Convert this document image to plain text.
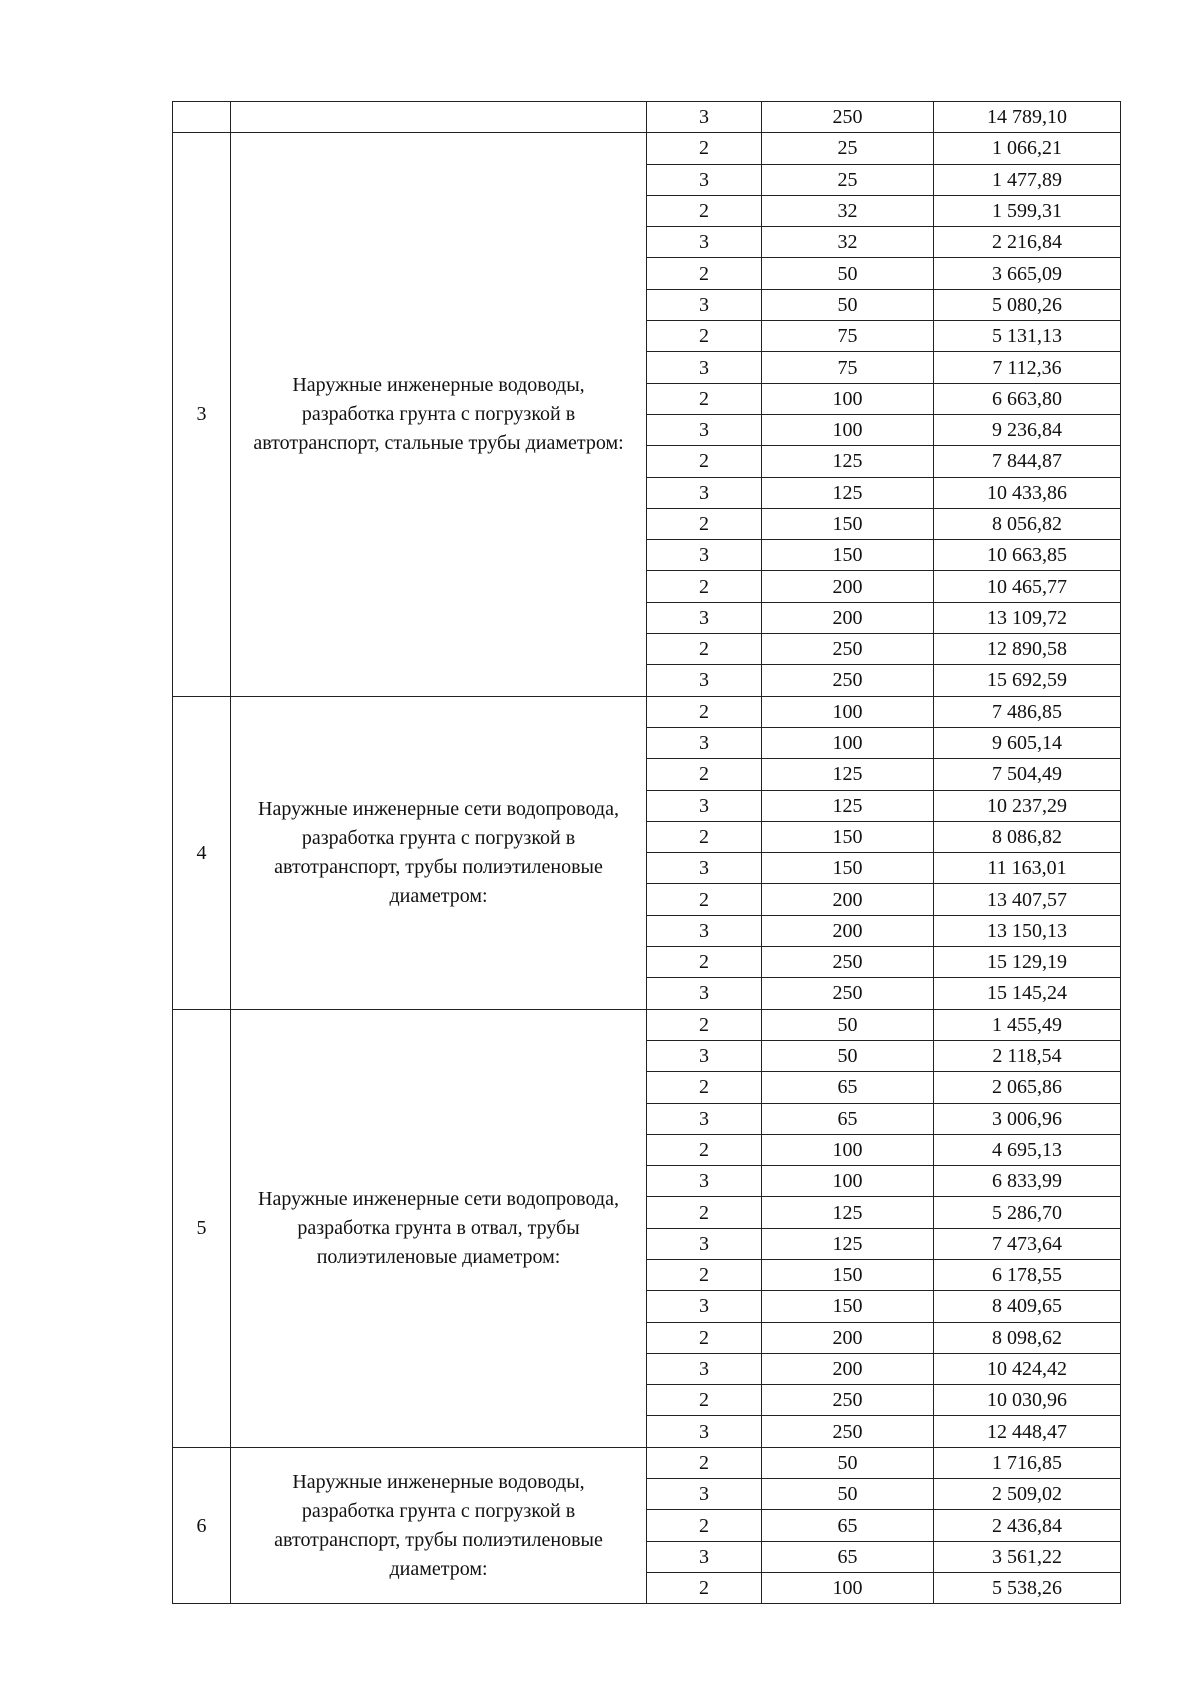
		3	250	14 789,10
3	Наружные инженерные водоводы, разработка грунта с погрузкой в автотранспорт, стальные трубы диаметром:	2	25	1 066,21
		3	25	1 477,89
		2	32	1 599,31
		3	32	2 216,84
		2	50	3 665,09
		3	50	5 080,26
		2	75	5 131,13
		3	75	7 112,36
		2	100	6 663,80
		3	100	9 236,84
		2	125	7 844,87
		3	125	10 433,86
		2	150	8 056,82
		3	150	10 663,85
		2	200	10 465,77
		3	200	13 109,72
		2	250	12 890,58
		3	250	15 692,59
4	Наружные инженерные сети водопровода, разработка грунта с погрузкой в автотранспорт, трубы полиэтиленовые диаметром:	2	100	7 486,85
		3	100	9 605,14
		2	125	7 504,49
		3	125	10 237,29
		2	150	8 086,82
		3	150	11 163,01
		2	200	13 407,57
		3	200	13 150,13
		2	250	15 129,19
		3	250	15 145,24
5	Наружные инженерные сети водопровода, разработка грунта в отвал, трубы полиэтиленовые диаметром:	2	50	1 455,49
		3	50	2 118,54
		2	65	2 065,86
		3	65	3 006,96
		2	100	4 695,13
		3	100	6 833,99
		2	125	5 286,70
		3	125	7 473,64
		2	150	6 178,55
		3	150	8 409,65
		2	200	8 098,62
		3	200	10 424,42
		2	250	10 030,96
		3	250	12 448,47
6	Наружные инженерные водоводы, разработка грунта с погрузкой в автотранспорт, трубы полиэтиленовые диаметром:	2	50	1 716,85
		3	50	2 509,02
		2	65	2 436,84
		3	65	3 561,22
		2	100	5 538,26
